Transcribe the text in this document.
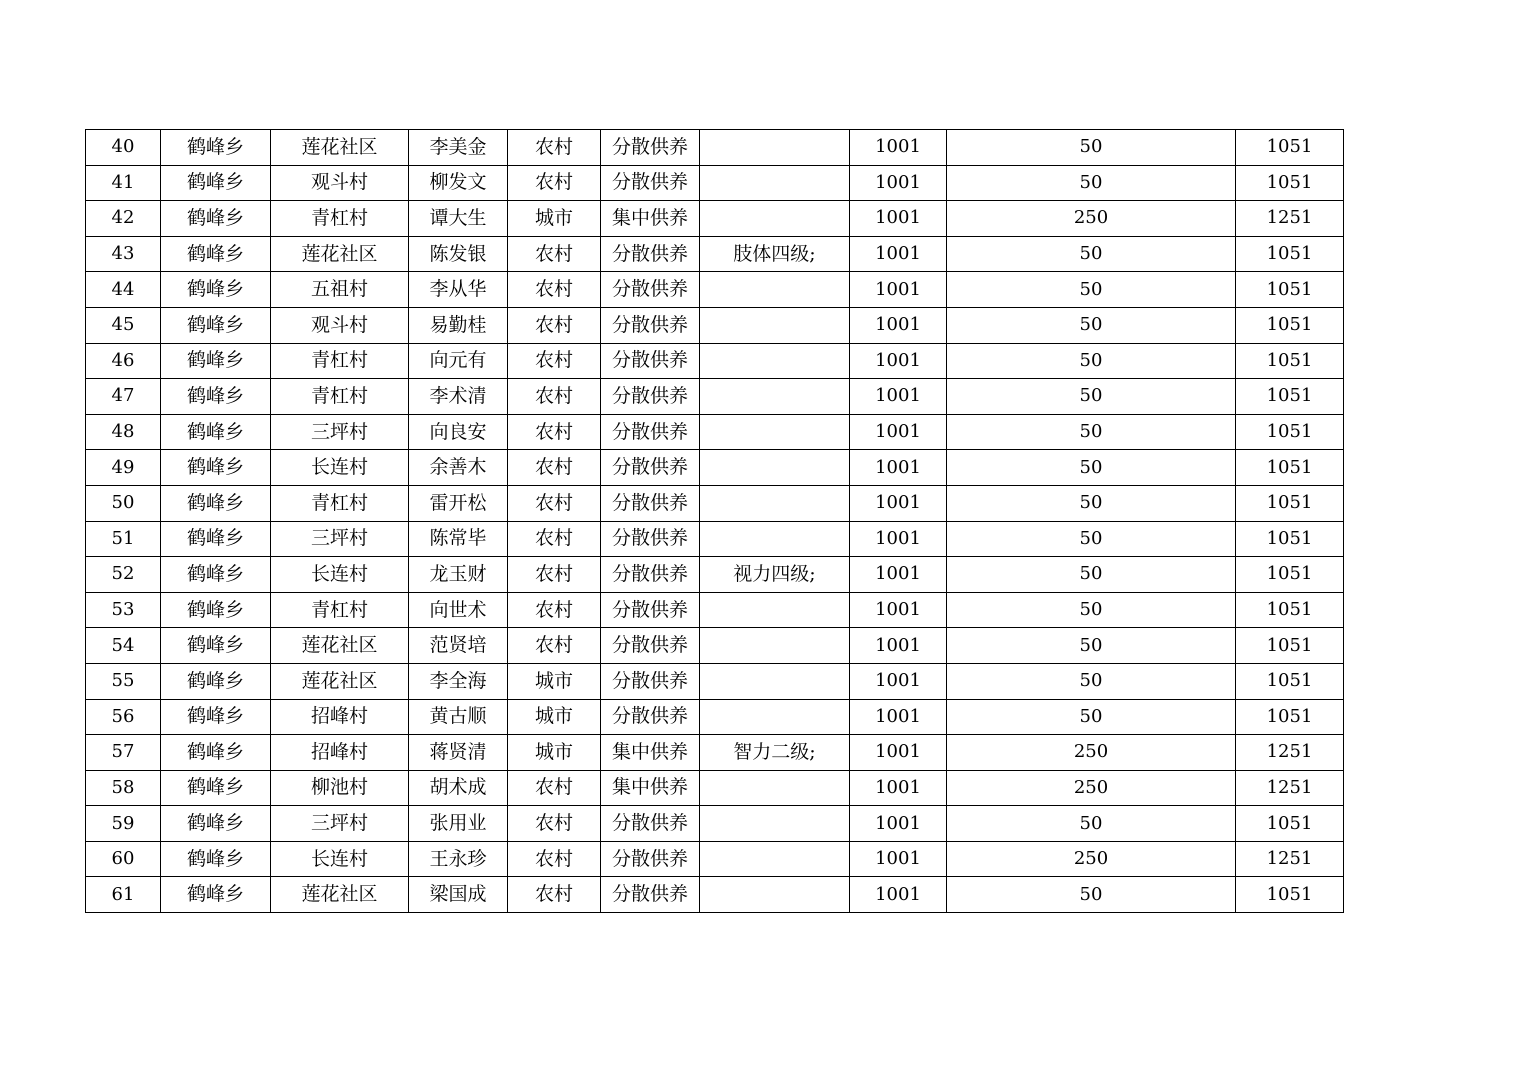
40	鹤峰乡	莲花社区	李美金	农村	分散供养		1001	50	1051
41	鹤峰乡	观斗村	柳发文	农村	分散供养		1001	50	1051
42	鹤峰乡	青杠村	谭大生	城市	集中供养		1001	250	1251
43	鹤峰乡	莲花社区	陈发银	农村	分散供养	肢体四级;	1001	50	1051
44	鹤峰乡	五祖村	李从华	农村	分散供养		1001	50	1051
45	鹤峰乡	观斗村	易勤桂	农村	分散供养		1001	50	1051
46	鹤峰乡	青杠村	向元有	农村	分散供养		1001	50	1051
47	鹤峰乡	青杠村	李术清	农村	分散供养		1001	50	1051
48	鹤峰乡	三坪村	向良安	农村	分散供养		1001	50	1051
49	鹤峰乡	长连村	余善木	农村	分散供养		1001	50	1051
50	鹤峰乡	青杠村	雷开松	农村	分散供养		1001	50	1051
51	鹤峰乡	三坪村	陈常毕	农村	分散供养		1001	50	1051
52	鹤峰乡	长连村	龙玉财	农村	分散供养	视力四级;	1001	50	1051
53	鹤峰乡	青杠村	向世术	农村	分散供养		1001	50	1051
54	鹤峰乡	莲花社区	范贤培	农村	分散供养		1001	50	1051
55	鹤峰乡	莲花社区	李全海	城市	分散供养		1001	50	1051
56	鹤峰乡	招峰村	黄古顺	城市	分散供养		1001	50	1051
57	鹤峰乡	招峰村	蒋贤清	城市	集中供养	智力二级;	1001	250	1251
58	鹤峰乡	柳池村	胡术成	农村	集中供养		1001	250	1251
59	鹤峰乡	三坪村	张用业	农村	分散供养		1001	50	1051
60	鹤峰乡	长连村	王永珍	农村	分散供养		1001	250	1251
61	鹤峰乡	莲花社区	梁国成	农村	分散供养		1001	50	1051
